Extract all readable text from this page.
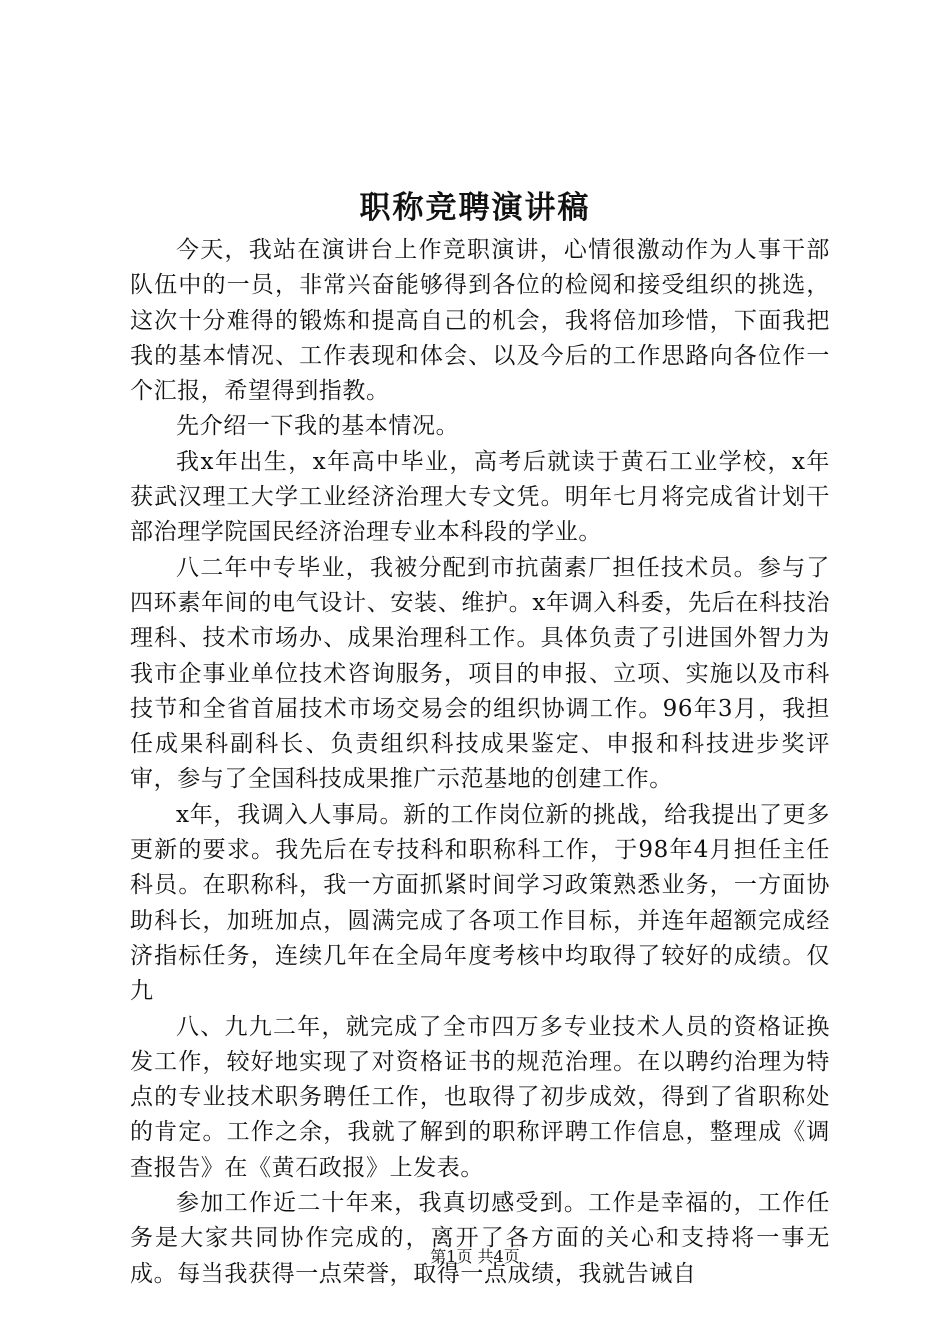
职称竞聘演讲稿

今天，我站在演讲台上作竞职演讲，心情很激动作为人事干部队伍中的一员，非常兴奋能够得到各位的检阅和接受组织的挑选，这次十分难得的锻炼和提高自己的机会，我将倍加珍惜，下面我把我的基本情况、工作表现和体会、以及今后的工作思路向各位作一个汇报，希望得到指教。

先介绍一下我的基本情况。

我x年出生，x年高中毕业，高考后就读于黄石工业学校，x年获武汉理工大学工业经济治理大专文凭。明年七月将完成省计划干部治理学院国民经济治理专业本科段的学业。

八二年中专毕业，我被分配到市抗菌素厂担任技术员。参与了四环素年间的电气设计、安装、维护。x年调入科委，先后在科技治理科、技术市场办、成果治理科工作。具体负责了引进国外智力为我市企事业单位技术咨询服务，项目的申报、立项、实施以及市科技节和全省首届技术市场交易会的组织协调工作。96年3月，我担任成果科副科长、负责组织科技成果鉴定、申报和科技进步奖评审，参与了全国科技成果推广示范基地的创建工作。

x年，我调入人事局。新的工作岗位新的挑战，给我提出了更多更新的要求。我先后在专技科和职称科工作，于98年4月担任主任科员。在职称科，我一方面抓紧时间学习政策熟悉业务，一方面协助科长，加班加点，圆满完成了各项工作目标，并连年超额完成经济指标任务，连续几年在全局年度考核中均取得了较好的成绩。仅九

八、九九二年，就完成了全市四万多专业技术人员的资格证换发工作，较好地实现了对资格证书的规范治理。在以聘约治理为特点的专业技术职务聘任工作，也取得了初步成效，得到了省职称处的肯定。工作之余，我就了解到的职称评聘工作信息，整理成《调查报告》在《黄石政报》上发表。

参加工作近二十年来，我真切感受到。工作是幸福的，工作任务是大家共同协作完成的，离开了各方面的关心和支持将一事无成。每当我获得一点荣誉，取得一点成绩，我就告诫自

第1页 共4页
